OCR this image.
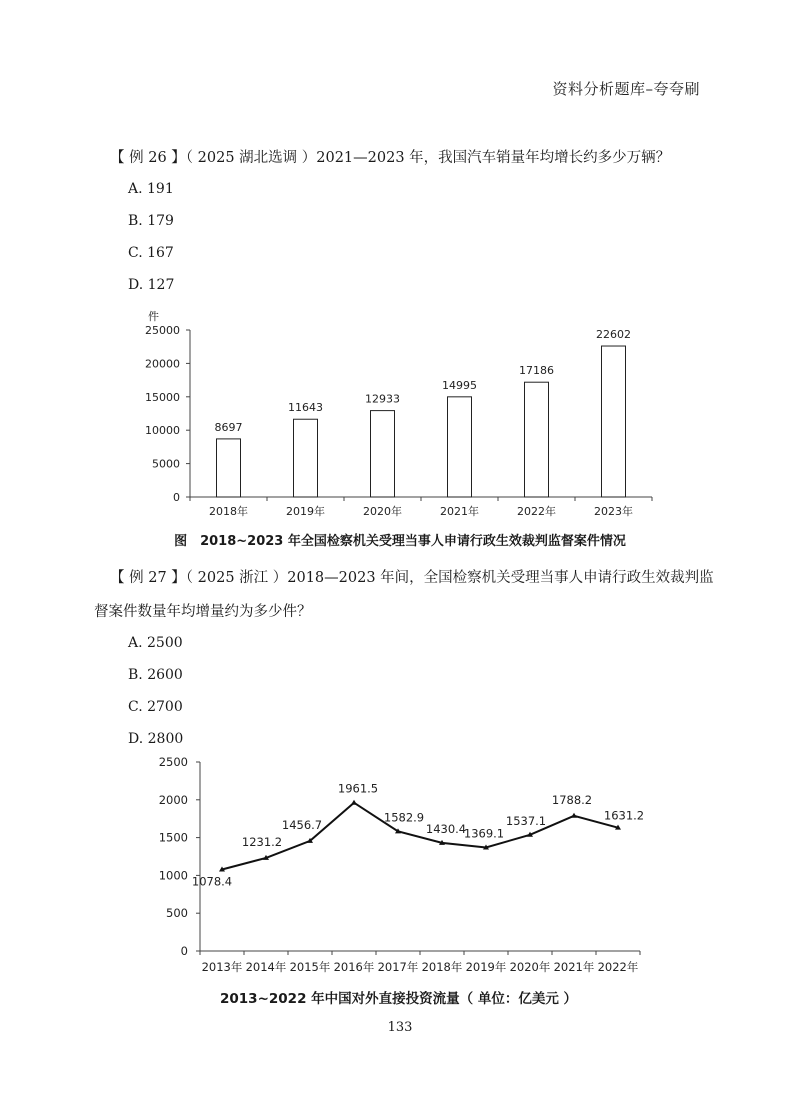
资料分析题库–夸夸刷
【 例 26 】（ 2025 湖北选调 ）2021—2023 年，我国汽车销量年均增长约多少万辆？
A. 191
B. 179
C. 167
D. 127
件
0
5000
10000
15000
20000
25000
8697
2018年
11643
2019年
12933
2020年
14995
2021年
17186
2022年
22602
2023年
图　2018~2023 年全国检察机关受理当事人申请行政生效裁判监督案件情况
【 例 27 】（ 2025 浙江 ）2018—2023 年间，全国检察机关受理当事人申请行政生效裁判监
督案件数量年均增量约为多少件？
A. 2500
B. 2600
C. 2700
D. 2800
0
500
1000
1500
2000
2500
1078.4
2013年
1231.2
2014年
1456.7
2015年
1961.5
2016年
1582.9
2017年
1430.4
2018年
1369.1
2019年
1537.1
2020年
1788.2
2021年
1631.2
2022年
2013~2022 年中国对外直接投资流量（ 单位：亿美元 ）
133
